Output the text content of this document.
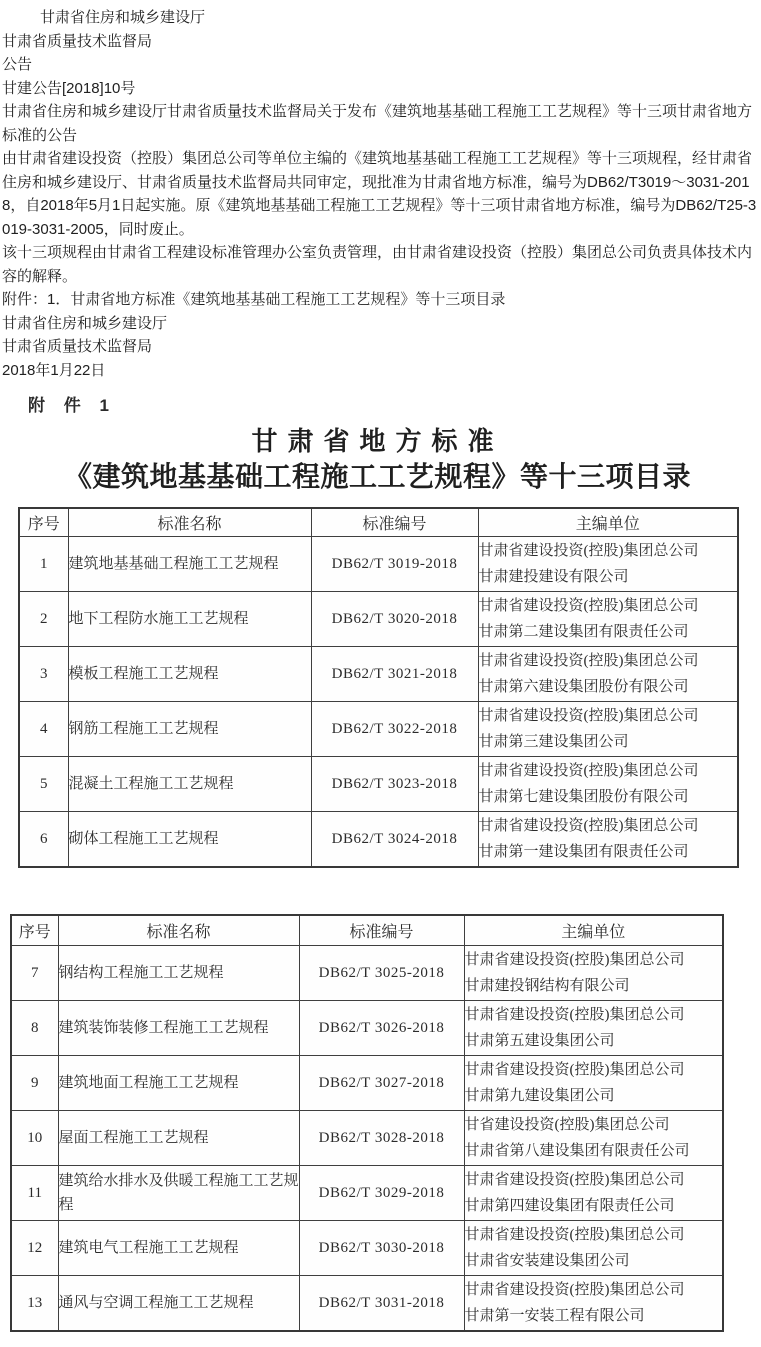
甘肃省住房和城乡建设厅

甘肃省质量技术监督局

公告

甘建公告[2018]10号

甘肃省住房和城乡建设厅甘肃省质量技术监督局关于发布《建筑地基基础工程施工工艺规程》等十三项甘肃省地方标准的公告

由甘肃省建设投资（控股）集团总公司等单位主编的《建筑地基基础工程施工工艺规程》等十三项规程，经甘肃省住房和城乡建设厅、甘肃省质量技术监督局共同审定，现批准为甘肃省地方标准，编号为DB62/T3019～3031-2018，自2018年5月1日起实施。原《建筑地基基础工程施工工艺规程》等十三项甘肃省地方标准，编号为DB62/T25-3019-3031-2005，同时废止。

该十三项规程由甘肃省工程建设标准管理办公室负责管理，由甘肃省建设投资（控股）集团总公司负责具体技术内容的解释。

附件：1．甘肃省地方标准《建筑地基基础工程施工工艺规程》等十三项目录

甘肃省住房和城乡建设厅

甘肃省质量技术监督局

2018年1月22日

附 件 1
甘肃省地方标准
《建筑地基基础工程施工工艺规程》等十三项目录
序号	标准名称	标准编号	主编单位
1	建筑地基基础工程施工工艺规程	DB62/T 3019-2018	甘肃省建设投资(控股)集团总公司
甘肃建投建设有限公司

2	地下工程防水施工工艺规程	DB62/T 3020-2018	甘肃省建设投资(控股)集团总公司
甘肃第二建设集团有限责任公司

3	模板工程施工工艺规程	DB62/T 3021-2018	甘肃省建设投资(控股)集团总公司
甘肃第六建设集团股份有限公司

4	钢筋工程施工工艺规程	DB62/T 3022-2018	甘肃省建设投资(控股)集团总公司
甘肃第三建设集团公司

5	混凝土工程施工工艺规程	DB62/T 3023-2018	甘肃省建设投资(控股)集团总公司
甘肃第七建设集团股份有限公司

6	砌体工程施工工艺规程	DB62/T 3024-2018	甘肃省建设投资(控股)集团总公司
甘肃第一建设集团有限责任公司
序号	标准名称	标准编号	主编单位
7	钢结构工程施工工艺规程	DB62/T 3025-2018	甘肃省建设投资(控股)集团总公司
甘肃建投钢结构有限公司

8	建筑装饰装修工程施工工艺规程	DB62/T 3026-2018	甘肃省建设投资(控股)集团总公司
甘肃第五建设集团公司

9	建筑地面工程施工工艺规程	DB62/T 3027-2018	甘肃省建设投资(控股)集团总公司
甘肃第九建设集团公司

10	屋面工程施工工艺规程	DB62/T 3028-2018	甘省建设投资(控股)集团总公司
甘肃省第八建设集团有限责任公司

11	建筑给水排水及供暖工程施工工艺规程	DB62/T 3029-2018	甘肃省建设投资(控股)集团总公司
甘肃第四建设集团有限责任公司

12	建筑电气工程施工工艺规程	DB62/T 3030-2018	甘肃省建设投资(控股)集团总公司
甘肃省安装建设集团公司

13	通风与空调工程施工工艺规程	DB62/T 3031-2018	甘肃省建设投资(控股)集团总公司
甘肃第一安装工程有限公司
